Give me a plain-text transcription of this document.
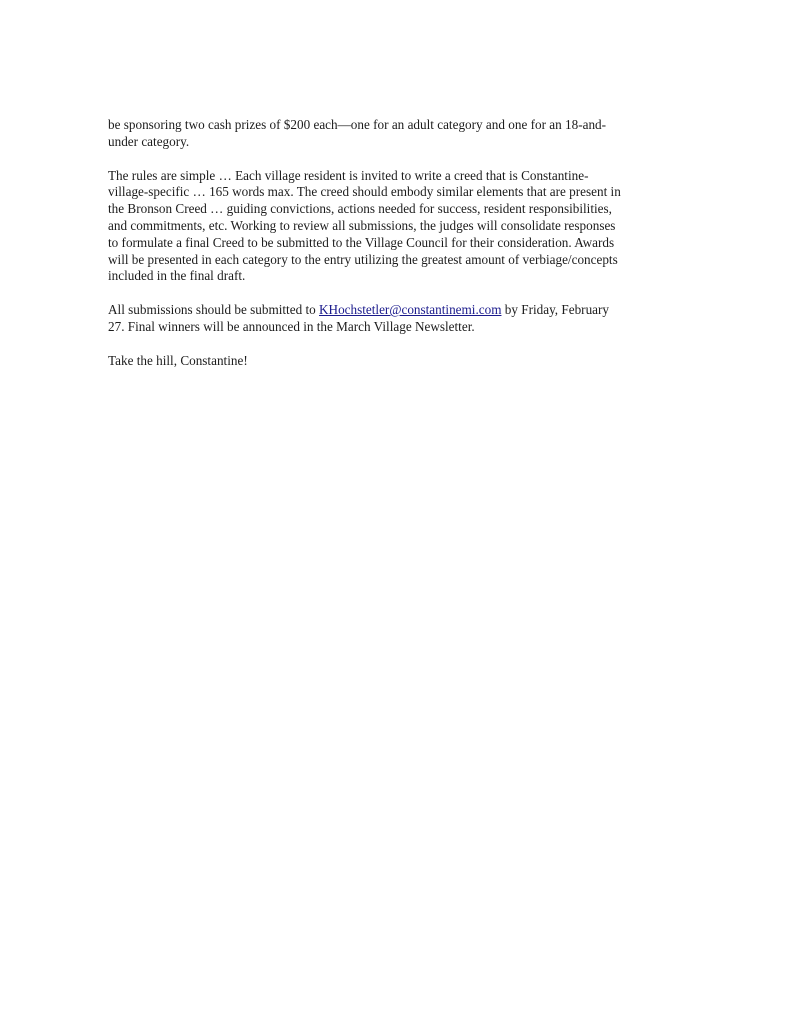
be sponsoring two cash prizes of $200 each—one for an adult category and one for an 18-and-
under category.
The rules are simple … Each village resident is invited to write a creed that is Constantine-
village-specific … 165 words max. The creed should embody similar elements that are present in
the Bronson Creed … guiding convictions, actions needed for success, resident responsibilities,
and commitments, etc. Working to review all submissions, the judges will consolidate responses
to formulate a final Creed to be submitted to the Village Council for their consideration. Awards
will be presented in each category to the entry utilizing the greatest amount of verbiage/concepts
included in the final draft.
All submissions should be submitted to KHochstetler@constantinemi.com by Friday, February
27. Final winners will be announced in the March Village Newsletter.
Take the hill, Constantine!
